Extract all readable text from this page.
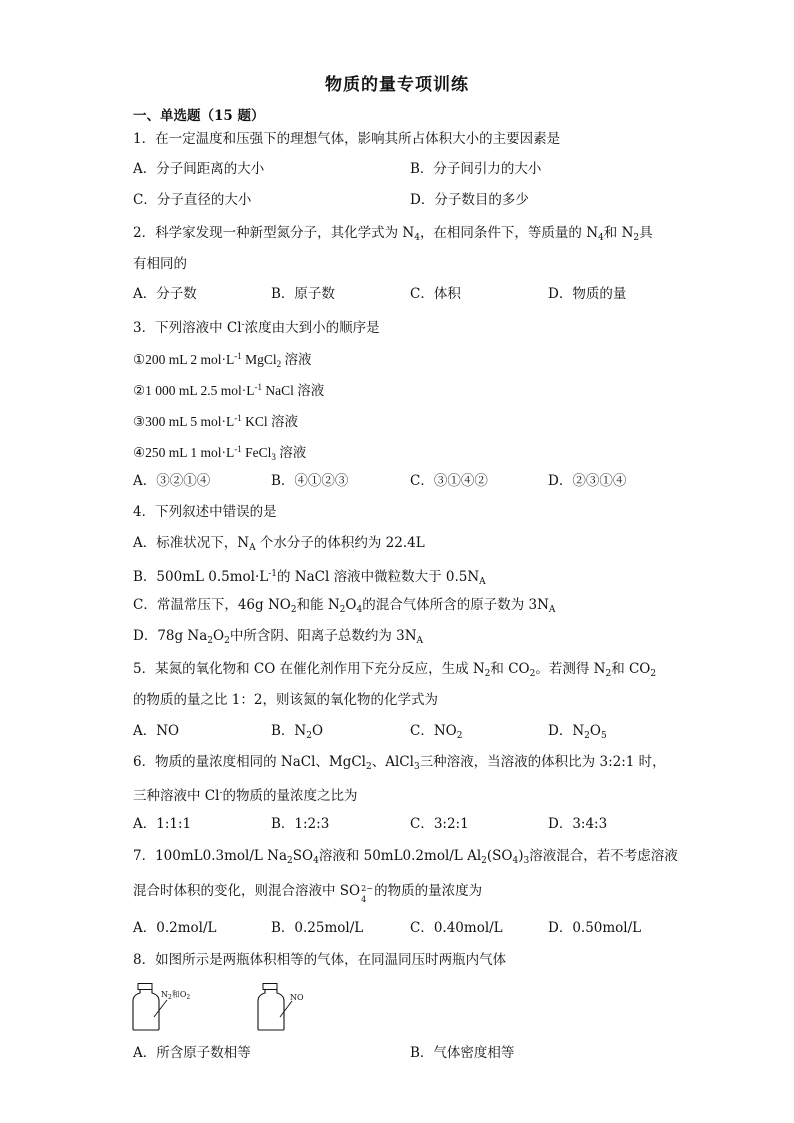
物质的量专项训练
一、单选题（15 题）
1．在一定温度和压强下的理想气体，影响其所占体积大小的主要因素是
A．分子间距离的大小	B．分子间引力的大小
C．分子直径的大小	D．分子数目的多少
2．科学家发现一种新型氮分子，其化学式为 $N_4$，在相同条件下，等质量的 $N_4$和 $N_2$具
有相同的
A．分子数	B．原子数	C．体积	D．物质的量
3．下列溶液中 Cl-浓度由大到小的顺序是
①200 mL 2 $mol\cdot L^{-1}$ MgCl$_2$ 溶液
②1 000 mL 2.5 $mol\cdot L^{-1}$ NaCl 溶液
③300 mL 5 $mol\cdot L^{-1}$ KCl 溶液
④250 mL 1 $mol\cdot L^{-1}$ FeCl$_3$ 溶液
A．③②①④	B．④①②③	C．③①④②	D．②③①④
4．下列叙述中错误的是
A．标准状况下，$N_A$ 个水分子的体积约为 22.4L
B．500mL $0.5mol\cdot L^{-1}$的 NaCl 溶液中微粒数大于 $0.5N_A$
C．常温常压下，46g $NO_2$和能 $N_2O_4$的混合气体所含的原子数为 $3N_A$
D．78g $Na_2O_2$中所含阴、阳离子总数约为 $3N_A$
5．某氮的氧化物和 CO 在催化剂作用下充分反应，生成 $N_2$和 $CO_2$。若测得 $N_2$和 $CO_2$
的物质的量之比 1：2，则该氮的氧化物的化学式为
A．NO	B．$N_2O$	C．$NO_2$	D．$N_2O_5$
6．物质的量浓度相同的 NaCl、MgCl$_2$、AlCl$_3$三种溶液，当溶液的体积比为 3:2:1 时，
三种溶液中 Cl-的物质的量浓度之比为
A．1:1:1	B．1:2:3	C．3:2:1	D．3:4:3
7．100mL0.3mol/L $Na_2SO_4$溶液和 50mL0.2mol/L $Al_2(SO_4)_3$溶液混合，若不考虑溶液
混合时体积的变化，则混合溶液中 SO 2−
4 的物质的量浓度为
A．0.2mol/L	B．0.25mol/L	C．0.40mol/L	D．0.50mol/L
8．如图所示是两瓶体积相等的气体，在同温同压时两瓶内气体
$N_2$和$O_2$	NO
A．所含原子数相等	B．气体密度相等
